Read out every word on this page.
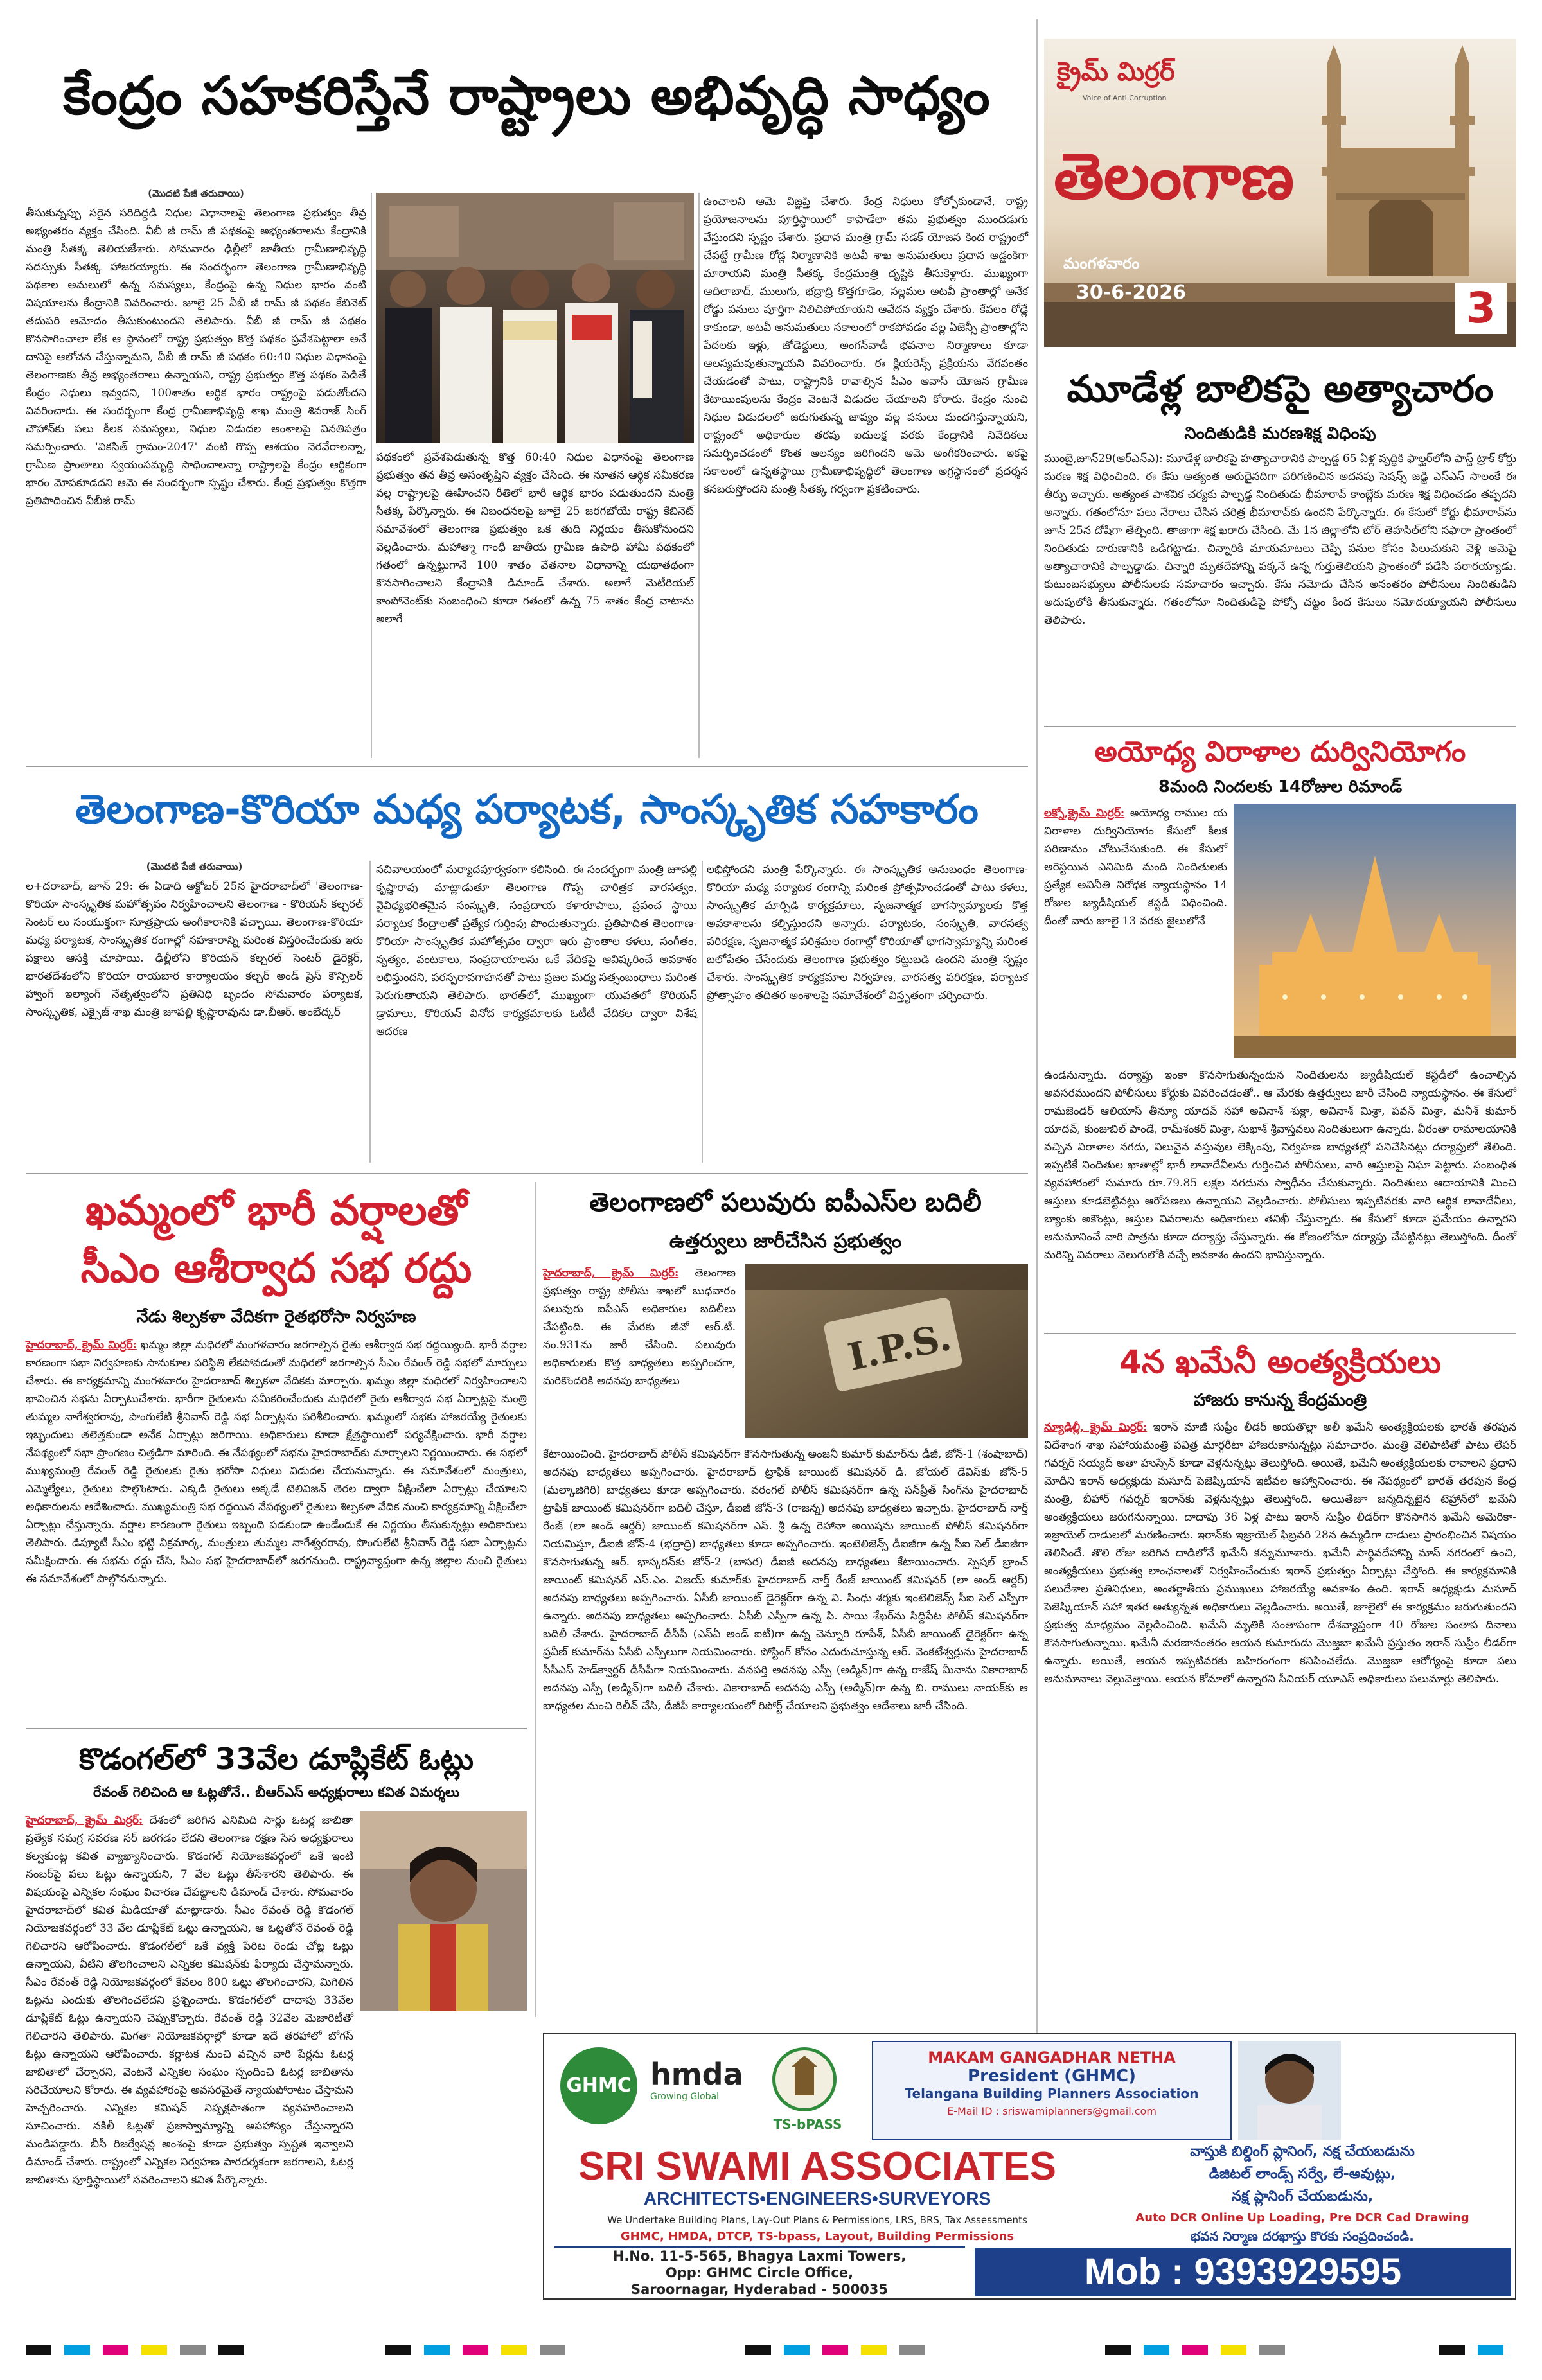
కేంద్రం సహకరిస్తేనే రాష్ట్రాలు అభివృద్ధి సాధ్యం
(మొదటి పేజీ తరువాయి)
తీసుకున్నప్పు సరైన సరిదిద్దడి నిధుల విధానాలపై తెలంగాణ ప్రభుత్వం తీవ్ర అభ్యంతరం వ్యక్తం చేసింది. వీబీ జీ రామ్ జీ పథకంపై అభ్యంతరాలను కేంద్రానికి మంత్రి సీతక్క తెలియజేశారు. సోమవారం ఢిల్లీలో జాతీయ గ్రామీణాభివృద్ధి సదస్సుకు సీతక్క హాజరయ్యారు. ఈ సందర్భంగా తెలంగాణ గ్రామీణాభివృద్ధి పథకాల అమలులో ఉన్న సమస్యలు, కేంద్రంపై ఉన్న నిధుల భారం వంటి విషయాలను కేంద్రానికి వివరించారు. జూలై 25 వీబీ జీ రామ్ జీ పథకం కేబినెట్ తదుపరి ఆమోదం తీసుకుంటుందని తెలిపారు. వీబీ జీ రామ్ జీ పథకం కొనసాగించాలా లేక ఆ స్థానంలో రాష్ట్ర ప్రభుత్వం కొత్త పథకం ప్రవేశపెట్టాలా అనే దానిపై ఆలోచన చేస్తున్నామని, వీబీ జీ రామ్ జీ పథకం 60:40 నిధుల విధానంపై తెలంగాణకు తీవ్ర అభ్యంతరాలు ఉన్నాయని, రాష్ట్ర ప్రభుత్వం కొత్త పథకం పెడితే కేంద్రం నిధులు ఇవ్వదని, 100శాతం అర్థిక భారం రాష్ట్రంపై పడుతోందని వివరించారు. ఈ సందర్భంగా కేంద్ర గ్రామీణాభివృద్ధి శాఖ మంత్రి శివరాజ్ సింగ్ చౌహాన్‌కు పలు కీలక సమస్యలు, నిధుల విడుదల అంశాలపై వినతిపత్రం సమర్పించారు. 'వికసిత్ గ్రామం-2047' వంటి గొప్ప ఆశయం నెరవేరాలన్నా, గ్రామీణ ప్రాంతాలు స్వయంసమృద్ధి సాధించాలన్నా రాష్ట్రాలపై కేంద్రం ఆర్థికంగా భారం మోపకూడదని ఆమె ఈ సందర్భంగా స్పష్టం చేశారు. కేంద్ర ప్రభుత్వం కొత్తగా ప్రతిపాదించిన వీబీజీ రామ్
పథకంలో ప్రవేశపెడుతున్న కొత్త 60:40 నిధుల విధానంపై తెలంగాణ ప్రభుత్వం తన తీవ్ర అసంతృప్తిని వ్యక్తం చేసింది. ఈ నూతన ఆర్థిక సమీకరణ వల్ల రాష్ట్రాలపై ఊహించని రీతిలో భారీ ఆర్థిక భారం పడుతుందని మంత్రి సీతక్క పేర్కొన్నారు. ఈ నిబంధనలపై జూలై 25 జరగబోయే రాష్ట్ర కేబినెట్ సమావేశంలో తెలంగాణ ప్రభుత్వం ఒక తుది నిర్ణయం తీసుకోనుందని వెల్లడించారు. మహాత్మా గాంధీ జాతీయ గ్రామీణ ఉపాధి హామీ పథకంలో గతంలో ఉన్నట్టుగానే 100 శాతం వేతనాల విధానాన్ని యథాతథంగా కొనసాగించాలని కేంద్రానికి డిమాండ్ చేశారు. అలాగే మెటీరియల్ కాంపోనెంట్‌కు సంబంధించి కూడా గతంలో ఉన్న 75 శాతం కేంద్ర వాటాను అలాగే
ఉంచాలని ఆమె విజ్ఞప్తి చేశారు. కేంద్ర నిధులు కోల్పోకుండానే, రాష్ట్ర ప్రయోజనాలను పూర్తిస్థాయిలో కాపాడేలా తమ ప్రభుత్వం ముందడుగు వేస్తుందని స్పష్టం చేశారు. ప్రధాన మంత్రి గ్రామ్ సడక్ యోజన కింద రాష్ట్రంలో చేపట్టే గ్రామీణ రోడ్ల నిర్మాణానికి అటవీ శాఖ అనుమతులు ప్రధాన అడ్డంకిగా మారాయని మంత్రి సీతక్క కేంద్రమంత్రి దృష్టికి తీసుకెళ్లారు. ముఖ్యంగా ఆదిలాబాద్, ములుగు, భద్రాద్రి కొత్తగూడెం, నల్లమల అటవీ ప్రాంతాల్లో అనేక రోడ్డు పనులు పూర్తిగా నిలిచిపోయాయని ఆవేదన వ్యక్తం చేశారు. కేవలం రోడ్లే కాకుండా, అటవీ అనుమతులు సకాలంలో రాకపోవడం వల్ల ఏజెన్సీ ప్రాంతాల్లోని పేదలకు ఇళ్లు, జోడెద్దులు, అంగన్‌వాడీ భవనాల నిర్మాణాలు కూడా ఆలస్యమవుతున్నాయని వివరించారు. ఈ క్లియరెన్స్ ప్రక్రియను వేగవంతం చేయడంతో పాటు, రాష్ట్రానికి రావాల్సిన పీఎం ఆవాస్ యోజన గ్రామీణ కేటాయింపులను కేంద్రం వెంటనే విడుదల చేయాలని కోరారు. కేంద్రం నుంచి నిధుల విడుదలలో జరుగుతున్న జాప్యం వల్ల పనులు మందగిస్తున్నాయని, రాష్ట్రంలో అధికారుల తరపు ఐదులక్ష వరకు కేంద్రానికి నివేదికలు సమర్పించడంలో కొంత ఆలస్యం జరిగిందని ఆమె అంగీకరించారు. ఇకపై సకాలంలో ఉన్నతస్థాయి గ్రామీణాభివృద్ధిలో తెలంగాణ అగ్రస్థానంలో ప్రదర్శన కనబరుస్తోందని మంత్రి సీతక్క గర్వంగా ప్రకటించారు.
క్రైమ్ మిర్రర్
Voice of Anti Corruption
తెలంగాణ
మంగళవారం
30-6-2026	3
మూడేళ్ల బాలికపై అత్యాచారం
నిందితుడికి మరణశిక్ష విధింపు
ముంబై,జూన్29(ఆర్ఎన్ఎ): మూడేళ్ల బాలికపై హత్యాచారానికి పాల్పడ్డ 65 ఏళ్ల వృద్ధికి ఫాల్ఘర్‌లోని ఫాస్ట్ ట్రాక్ కోర్టు మరణ శిక్ష విధించింది. ఈ కేసు అత్యంత అరుదైనదిగా పరిగణించిన అదనపు సెషన్స్ జడ్జి ఎస్ఎస్ సాలంకే ఈ తీర్పు ఇచ్చారు. అత్యంత పాశవిక చర్యకు పాల్పడ్డ నిందితుడు భీమారావ్ కాంబ్లేకు మరణ శిక్ష విధించడం తప్పదని అన్నారు. గతంలోనూ పలు నేరాలు చేసిన చరిత్ర భీమారావ్‌కు ఉందని పేర్కొన్నారు. ఈ కేసులో కోర్టు భీమారావ్‌ను జూన్ 25న దోషిగా తేల్చింది. తాజాగా శిక్ష ఖరారు చేసింది. మే 1న జిల్లాలోని బోర్ తెహసిల్‌లోని సఫారా ప్రాంతంలో నిందితుడు దారుణానికి ఒడిగట్టాడు. చిన్నారికి మాయమాటలు చెప్పి పనుల కోసం పిలుచుకుని వెళ్లి ఆమెపై అత్యాచారానికి పాల్పడ్డాడు. చిన్నారి మృతదేహాన్ని పక్కనే ఉన్న గుర్తుతెలియని ప్రాంతంలో పడేసి పరారయ్యాడు. కుటుంబసభ్యులు పోలీసులకు సమాచారం ఇచ్చారు. కేసు నమోదు చేసిన అనంతరం పోలీసులు నిందితుడిని అదుపులోకి తీసుకున్నారు. గతంలోనూ నిందితుడిపై పోక్సో చట్టం కింద కేసులు నమోదయ్యాయని పోలీసులు తెలిపారు.
అయోధ్య విరాళాల దుర్వినియోగం
8మంది నిందలకు 14రోజుల రిమాండ్
లక్నో,క్రైమ్ మిర్రర్: అయోధ్య రాముల య విరాళాల దుర్వినియోగం కేసులో కీలక పరిణామం చోటుచేసుకుంది. ఈ కేసులో అరెస్టయిన ఎనిమిది మంది నిందితులకు ప్రత్యేక అవినీతి నిరోధక న్యాయస్థానం 14 రోజుల జ్యుడీషియల్ కస్టడీ విధించింది. దీంతో వారు జూలై 13 వరకు జైలులోనే
ఉండనున్నారు. దర్యాప్తు ఇంకా కొనసాగుతున్నందున నిందితులను జ్యుడీషియల్ కస్టడీలో ఉంచాల్సిన అవసరముందని పోలీసులు కోర్టుకు వివరించడంతో.. ఆ మేరకు ఉత్తర్వులు జారీ చేసింది న్యాయస్థానం. ఈ కేసులో రామజెండర్ ఆలియాస్ తీన్యూ యాదవ్ సహా అవినాశ్ శుక్లా, అవినాశ్ మిశ్రా, పవన్ మిశ్రా, మనీశ్ కుమార్ యాదవ్, కుంజుబిల్ పాండే, రామ్‌శంకర్ మిశ్రా, సుఖాశ్ శ్రీవాస్తవలు నిందితులుగా ఉన్నారు. వీరంతా రామాలయానికి వచ్చిన విరాళాల నగదు, విలువైన వస్తువుల లెక్కింపు, నిర్వహణ బాధ్యతల్లో పనిచేసినట్లు దర్యాప్తులో తేలింది. ఇప్పటికే నిందితుల ఖాతాల్లో భారీ లావాదేవీలను గుర్తించిన పోలీసులు, వారి ఆస్తులపై నిఘా పెట్టారు. సంబంధిత వ్యవహారంలో సుమారు రూ.79.85 లక్షల నగదును స్వాధీనం చేసుకున్నారు. నిందితులు ఆదాయానికి మించి ఆస్తులు కూడబెట్టినట్లు ఆరోపణలు ఉన్నాయని వెల్లడించారు. పోలీసులు ఇప్పటివరకు వారి ఆర్థిక లావాదేవీలు, బ్యాంకు అకౌంట్లు, ఆస్తుల వివరాలను అధికారులు తనిఖీ చేస్తున్నారు. ఈ కేసులో కూడా ప్రమేయం ఉన్నారని అనుమానించే వారి పాత్రను కూడా దర్యాప్తు చేస్తున్నారు. ఈ కోణంలోనూ దర్యాప్తు చేపట్టినట్లు తెలుస్తోంది. దీంతో మరిన్ని వివరాలు వెలుగులోకి వచ్చే అవకాశం ఉందని భావిస్తున్నారు.
4న ఖమేనీ అంత్యక్రియలు
హాజరు కానున్న కేంద్రమంత్రి
న్యూఢిల్లీ, క్రైమ్ మిర్రర్: ఇరాన్ మాజీ సుప్రీం లీడర్ అయతొల్లా అలీ ఖమేనీ అంత్యక్రియలకు భారత్ తరపున విదేశాంగ శాఖ సహాయమంత్రి పవిత్ర మార్గరీటా హాజరుకానున్నట్లు సమాచారం. మంత్రి వెలిపాటితో పాటు లేపర్ గవర్నర్ సయ్యద్ అతా హుస్సేన్ కూడా వెళ్లనున్నట్లు తెలుస్తోంది. అయితే, ఖమేనీ అంత్యక్రియలకు రావాలని ప్రధాని మోదీని ఇరాన్ అధ్యక్షుడు మసూద్ పెజెష్కియాన్ ఇటీవల ఆహ్వానించారు. ఈ నేపథ్యంలో భారత్ తరపున కేంద్ర మంత్రి, బీహార్ గవర్నర్ ఇరాన్‌కు వెళ్లనున్నట్లు తెలుస్తోంది. అయితేజూ జన్మదిన్నటైన టెహ్రాన్‌లో ఖమేనీ అంత్యక్రియలు జరుగనున్నాయి. దాదాపు 36 ఏళ్ల పాటు ఇరాన్ సుప్రీం లీడర్‌గా కొనసాగిన ఖమేనీ అమెరికా-ఇజ్రాయెల్ దాడులలో మరణించారు. ఇరాన్‌కు ఇజ్రాయెల్ ఫిబ్రవరి 28న ఉమ్మడిగా దాడులు ప్రారంభించిన విషయం తెలిసిందే. తొలి రోజు జరిగిన దాడిలోనే ఖమేనీ కన్నుమూశారు. ఖమేనీ పార్థివదేహాన్ని మాస్ నగరంలో ఉంచి, అంత్యక్రియలు ప్రభుత్వ లాంఛనాలతో నిర్వహించేందుకు ఇరాన్ ప్రభుత్వం ఏర్పాట్లు చేస్తోంది. ఈ కార్యక్రమానికి పలుదేశాల ప్రతినిధులు, అంతర్జాతీయ ప్రముఖులు హాజరయ్యే అవకాశం ఉంది. ఇరాన్ అధ్యక్షుడు మసూద్ పెజెష్కియాన్ సహా ఇతర అత్యున్నత అధికారులు వెల్లడించారు. అయితే, జూలైలో ఈ కార్యక్రమం జరుగుతుందని ప్రభుత్వ మాధ్యమం వెల్లడించింది. ఖమేనీ మృతికి సంతాపంగా దేశవ్యాప్తంగా 40 రోజుల సంతాప దినాలు కొనసాగుతున్నాయి. ఖమేనీ మరణానంతరం ఆయన కుమారుడు మొజ్తబా ఖమేనీ ప్రస్తుతం ఇరాన్ సుప్రీం లీడర్‌గా ఉన్నారు. అయితే, ఆయన ఇప్పటివరకు బహిరంగంగా కనిపించలేదు. మొజ్తబా ఆరోగ్యంపై కూడా పలు అనుమానాలు వెల్లువెత్తాయి. ఆయన కోమాలో ఉన్నారని సీనియర్ యూఎస్ అధికారులు పలుమార్లు తెలిపారు.
తెలంగాణ-కొరియా మధ్య పర్యాటక, సాంస్కృతిక సహకారం
(మొదటి పేజీ తరువాయి)
ల+దరాబాద్, జూన్ 29: ఈ ఏడాది అక్టోబర్ 25న హైదరాబాద్‌లో 'తెలంగాణ-కొరియా సాంస్కృతిక మహోత్సవం నిర్వహించాలని తెలంగాణ - కొరియన్ కల్చరల్ సెంటర్ లు సంయుక్తంగా సూత్రప్రాయ అంగీకారానికి వచ్చాయి. తెలంగాణ-కొరియా మధ్య పర్యాటక, సాంస్కృతిక రంగాల్లో సహకారాన్ని మరింత విస్తరించేందుకు ఇరు పక్షాలు ఆసక్తి చూపాయి. ఢిల్లీలోని కొరియన్ కల్చరల్ సెంటర్ డైరెక్టర్, భారతదేశంలోని కొరియా రాయబార కార్యాలయం కల్చర్ అండ్ ప్రెస్ కౌన్సిలర్ హ్వాంగ్ ఇల్యాంగ్ నేతృత్వంలోని ప్రతినిధి బృందం సోమవారం పర్యాటక, సాంస్కృతిక, ఎక్సైజ్ శాఖ మంత్రి జూపల్లి కృష్ణారావును డా.బీఆర్. అంబేద్కర్
సచివాలయంలో మర్యాదపూర్వకంగా కలిసింది. ఈ సందర్భంగా మంత్రి జూపల్లి కృష్ణారావు మాట్లాడుతూ తెలంగాణ గొప్ప చారిత్రక వారసత్వం, వైవిధ్యభరితమైన సంస్కృతి, సంప్రదాయ కళారూపాలు, ప్రపంచ స్థాయి పర్యాటక కేంద్రాలతో ప్రత్యేక గుర్తింపు పొందుతున్నారు. ప్రతిపాదిత తెలంగాణ-కొరియా సాంస్కృతిక మహోత్సవం ద్వారా ఇరు ప్రాంతాల కళలు, సంగీతం, నృత్యం, వంటకాలు, సంప్రదాయాలను ఒకే వేదికపై ఆవిష్కరించే అవకాశం లభిస్తుందని, పరస్పరావగాహనతో పాటు ప్రజల మధ్య సత్సంబంధాలు మరింత పెరుగుతాయని తెలిపారు. భారత్‌లో, ముఖ్యంగా యువతలో కొరియన్ డ్రామాలు, కొరియన్ వినోద కార్యక్రమాలకు ఓటీటీ వేదికల ద్వారా విశేష ఆదరణ
లభిస్తోందని మంత్రి పేర్కొన్నారు. ఈ సాంస్కృతిక అనుబంధం తెలంగాణ-కొరియా మధ్య పర్యాటక రంగాన్ని మరింత ప్రోత్సహించడంతో పాటు కళలు, సాంస్కృతిక మార్పిడి కార్యక్రమాలు, సృజనాత్మక భాగస్వామ్యాలకు కొత్త అవకాశాలను కల్పిస్తుందని అన్నారు. పర్యాటకం, సంస్కృతి, వారసత్వ పరిరక్షణ, సృజనాత్మక పరిశ్రమల రంగాల్లో కొరియాతో భాగస్వామ్యాన్ని మరింత బలోపేతం చేసేందుకు తెలంగాణ ప్రభుత్వం కట్టుబడి ఉందని మంత్రి స్పష్టం చేశారు. సాంస్కృతిక కార్యక్రమాల నిర్వహణ, వారసత్వ పరిరక్షణ, పర్యాటక ప్రోత్సాహం తదితర అంశాలపై సమావేశంలో విస్తృతంగా చర్చించారు.
ఖమ్మంలో భారీ వర్షాలతో
సీఎం ఆశీర్వాద సభ రద్దు
నేడు శిల్పకళా వేదికగా రైతభరోసా నిర్వహణ
హైదరాబాద్, క్రైమ్ మిర్రర్: ఖమ్మం జిల్లా మధిరలో మంగళవారం జరగాల్సిన రైతు ఆశీర్వాద సభ రద్దయ్యింది. భారీ వర్షాల కారణంగా సభా నిర్వహణకు సానుకూల పరిస్థితి లేకపోవడంతో మధిరలో జరగాల్సిన సీఎం రేవంత్ రెడ్డి సభలో మార్పులు చేశారు. ఈ కార్యక్రమాన్ని మంగళవారం హైదరాబాద్ శిల్పకళా వేదికకు మార్చారు. ఖమ్మం జిల్లా మధిరలో నిర్వహించాలని భావించిన సభను ఏర్పాటుచేశారు. భారీగా రైతులను సమీకరించేందుకు మధిరలో రైతు ఆశీర్వాద సభ ఏర్పాట్లపై మంత్రి తుమ్మల నాగేశ్వరరావు, పొంగులేటి శ్రీనివాస్ రెడ్డి సభ ఏర్పాట్లను పరిశీలించారు. ఖమ్మంలో సభకు హాజరయ్యే రైతులకు ఇబ్బందులు తలెత్తకుండా అనేక ఏర్పాట్లు జరిగాయి. అధికారులు కూడా క్షేత్రస్థాయిలో పర్యవేక్షించారు. భారీ వర్షాల నేపథ్యంలో సభా ప్రాంగణం చిత్తడిగా మారింది. ఈ నేపథ్యంలో సభను హైదరాబాద్‌కు మార్చాలని నిర్ణయించారు. ఈ సభలో ముఖ్యమంత్రి రేవంత్ రెడ్డి రైతులకు రైతు భరోసా నిధులు విడుదల చేయనున్నారు. ఈ సమావేశంలో మంత్రులు, ఎమ్మెల్యేలు, రైతులు పాల్గొంటారు. ఎక్కడి రైతులు అక్కడే టెలివిజన్ తెరల ద్వారా వీక్షించేలా ఏర్పాట్లు చేయాలని అధికారులను ఆదేశించారు. ముఖ్యమంత్రి సభ రద్దయిన నేపథ్యంలో రైతులు శిల్పకళా వేదిక నుంచి కార్యక్రమాన్ని వీక్షించేలా ఏర్పాట్లు చేస్తున్నారు. వర్షాల కారణంగా రైతులు ఇబ్బంది పడకుండా ఉండేందుకే ఈ నిర్ణయం తీసుకున్నట్లు అధికారులు తెలిపారు. డిప్యూటీ సీఎం భట్టి విక్రమార్క, మంత్రులు తుమ్మల నాగేశ్వరరావు, పొంగులేటి శ్రీనివాస్ రెడ్డి సభా ఏర్పాట్లను సమీక్షించారు. ఈ సభను రద్దు చేసి, సీఎం సభ హైదరాబాద్‌లో జరగనుంది. రాష్ట్రవ్యాప్తంగా ఉన్న జిల్లాల నుంచి రైతులు ఈ సమావేశంలో పాల్గొననున్నారు.
కొడంగల్‌లో 33వేల డూప్లికేట్ ఓట్లు
రేవంత్ గెలిచింది ఆ ఓట్లతోనే.. బీఆర్ఎస్ అధ్యక్షురాలు కవిత విమర్శలు
హైదరాబాద్, క్రైమ్ మిర్రర్: దేశంలో జరిగిన ఎనిమిది సార్లు ఓటర్ల జాబితా ప్రత్యేక సమగ్ర సవరణ సర్ జరగడం లేదని తెలంగాణ రక్షణ సేన అధ్యక్షురాలు కల్వకుంట్ల కవిత వ్యాఖ్యానించారు. కొడంగల్ నియోజకవర్గంలో ఒకే ఇంటి నంబర్‌పై పలు ఓట్లు ఉన్నాయని, 7 వేల ఓట్లు తీసేశారని తెలిపారు. ఈ విషయంపై ఎన్నికల సంఘం విచారణ చేపట్టాలని డిమాండ్ చేశారు. సోమవారం హైదరాబాద్‌లో కవిత మీడియాతో మాట్లాడారు. సీఎం రేవంత్ రెడ్డి కొడంగల్ నియోజకవర్గంలో 33 వేల డూప్లికేట్ ఓట్లు ఉన్నాయని, ఆ ఓట్లతోనే రేవంత్ రెడ్డి గెలిచారని ఆరోపించారు. కొడంగల్‌లో ఒకే వ్యక్తి పేరిట రెండు చోట్ల ఓట్లు ఉన్నాయని, వీటిని తొలగించాలని ఎన్నికల కమిషన్‌కు ఫిర్యాదు చేస్తామన్నారు. సీఎం రేవంత్ రెడ్డి నియోజకవర్గంలో కేవలం 800 ఓట్లు తొలగించారని, మిగిలిన ఓట్లను ఎందుకు తొలగించలేదని ప్రశ్నించారు. కొడంగల్‌లో దాదాపు 33వేల డూప్లికేట్ ఓట్లు ఉన్నాయని చెప్పుకొచ్చారు. రేవంత్ రెడ్డి 32వేల మెజారిటీతో గెలిచారని తెలిపారు. మిగతా నియోజకవర్గాల్లో కూడా ఇదే తరహాలో బోగస్ ఓట్లు ఉన్నాయని ఆరోపించారు. కర్ణాటక నుంచి వచ్చిన వారి పేర్లను ఓటర్ల జాబితాలో చేర్చారని, వెంటనే ఎన్నికల సంఘం స్పందించి ఓటర్ల జాబితాను సరిచేయాలని కోరారు. ఈ వ్యవహారంపై అవసరమైతే న్యాయపోరాటం చేస్తామని హెచ్చరించారు. ఎన్నికల కమిషన్ నిష్పక్షపాతంగా వ్యవహరించాలని సూచించారు. నకిలీ ఓట్లతో ప్రజాస్వామ్యాన్ని అపహాస్యం చేస్తున్నారని మండిపడ్డారు. బీసీ రిజర్వేషన్ల అంశంపై కూడా ప్రభుత్వం స్పష్టత ఇవ్వాలని డిమాండ్ చేశారు. రాష్ట్రంలో ఎన్నికల నిర్వహణ పారదర్శకంగా జరగాలని, ఓటర్ల జాబితాను పూర్తిస్థాయిలో సవరించాలని కవిత పేర్కొన్నారు.
తెలంగాణలో పలువురు ఐపీఎస్‌ల బదిలీ
ఉత్తర్వులు జారీచేసిన ప్రభుత్వం
హైదరాబాద్, క్రైమ్ మిర్రర్: తెలంగాణ ప్రభుత్వం రాష్ట్ర పోలీసు శాఖలో బుధవారం పలువురు ఐపీఎస్ అధికారుల బదిలీలు చేపట్టింది. ఈ మేరకు జీవో ఆర్.టీ. నం.931ను జారీ చేసింది. పలువురు అధికారులకు కొత్త బాధ్యతలు అప్పగించగా, మరికొందరికి అదనపు బాధ్యతలు
I.P.S.
కేటాయించింది. హైదరాబాద్ పోలీస్ కమిషనర్‌గా కొనసాగుతున్న అంజనీ కుమార్ కుమార్‌ను డీజీ, జోన్-1 (శంషాబాద్) అదనపు బాధ్యతలు అప్పగించారు. హైదరాబాద్ ట్రాఫిక్ జాయింట్ కమిషనర్ డి. జోయల్ డేవిస్‌కు జోన్-5 (మల్కాజిగిరి) బాధ్యతలు కూడా అప్పగించారు. వరంగల్ పోలీస్ కమిషనర్‌గా ఉన్న సన్‌ప్రీత్ సింగ్‌ను హైదరాబాద్ ట్రాఫిక్ జాయింట్ కమిషనర్‌గా బదిలీ చేస్తూ, డీఐజీ జోన్-3 (రాజన్న) అదనపు బాధ్యతలు ఇచ్చారు. హైదరాబాద్ నార్త్ రేంజ్ (లా అండ్ ఆర్డర్) జాయింట్ కమిషనర్‌గా ఎస్. శ్రీ ఉన్న రెహానా అయిషను జాయింట్ పోలీస్ కమిషనర్‌గా నియమిస్తూ, డీఐజీ జోన్-4 (భద్రాద్రి) బాధ్యతలు కూడా అప్పగించారు. ఇంటెలిజెన్స్ డీఐజీగా ఉన్న సీఐ సెల్ డీఐజీగా కొనసాగుతున్న ఆర్. భాస్కరన్‌కు జోన్-2 (బాసర) డీఐజీ అదనపు బాధ్యతలు కేటాయించారు. స్పెషల్ బ్రాంచ్ జాయింట్ కమిషనర్ ఎస్.ఎం. విజయ్ కుమార్‌కు హైదరాబాద్ నార్త్ రేంజ్ జాయింట్ కమిషనర్ (లా అండ్ ఆర్డర్) అదనపు బాధ్యతలు అప్పగించారు. ఏసీబీ జాయింట్ డైరెక్టర్‌గా ఉన్న వి. సింధు శర్మకు ఇంటెలిజెన్స్ సీఐ సెల్ ఎస్పీగా ఉన్నారు. అదనపు బాధ్యతలు అప్పగించారు. ఏసీబీ ఎస్పీగా ఉన్న పి. సాయి శేఖర్‌ను సిద్దిపేట పోలీస్ కమిషనర్‌గా బదిలీ చేశారు. హైదరాబాద్ డీసీపీ (ఎస్‌ఏ అండ్ ఐటీ)గా ఉన్న చెన్నూరి రూపేశ్, ఏసీబీ జాయింట్ డైరెక్టర్‌గా ఉన్న ప్రవీణ్ కుమార్‌ను ఏసీబీ ఎస్పీలుగా నియమించారు. పోస్టింగ్ కోసం ఎదురుచూస్తున్న ఆర్. వెంకటేశ్వర్లును హైదరాబాద్ సీసీఎస్ హెడ్‌క్వార్టర్ డీసీపీగా నియమించారు. వనపర్తి అదనపు ఎస్పీ (అడ్మిన్)గా ఉన్న రాజేష్ మీనాను వికారాబాద్ అదనపు ఎస్పీ (అడ్మిన్)గా బదిలీ చేశారు. వికారాబాద్ అదనపు ఎస్పీ (అడ్మిన్)గా ఉన్న బి. రాములు నాయక్‌కు ఆ బాధ్యతల నుంచి రిలీవ్ చేసి, డీజీపీ కార్యాలయంలో రిపోర్ట్ చేయాలని ప్రభుత్వం ఆదేశాలు జారీ చేసింది.
GHMC hmda
Growing Global
TS-bPASS
MAKAM GANGADHAR NETHA
President (GHMC)
Telangana Building Planners Association
E-Mail ID : sriswamiplanners@gmail.com
SRI SWAMI ASSOCIATES
ARCHITECTS•ENGINEERS•SURVEYORS
We Undertake Building Plans, Lay-Out Plans & Permissions, LRS, BRS, Tax Assessments
GHMC, HMDA, DTCP, TS-bpass, Layout, Building Permissions
వాస్తుకి బిల్డింగ్ ప్లానింగ్, నక్ష చేయబడును
డిజిటల్ లాండ్స్ సర్వే, లే-అవుట్లు,
నక్ష ప్లానింగ్ చేయబడును,
Auto DCR Online Up Loading, Pre DCR Cad Drawing
భవన నిర్మాణ దరఖాస్తు కొరకు సంప్రదించండి.
H.No. 11-5-565, Bhagya Laxmi Towers,
Opp: GHMC Circle Office,
Saroornagar, Hyderabad - 500035	Mob : 9393929595
